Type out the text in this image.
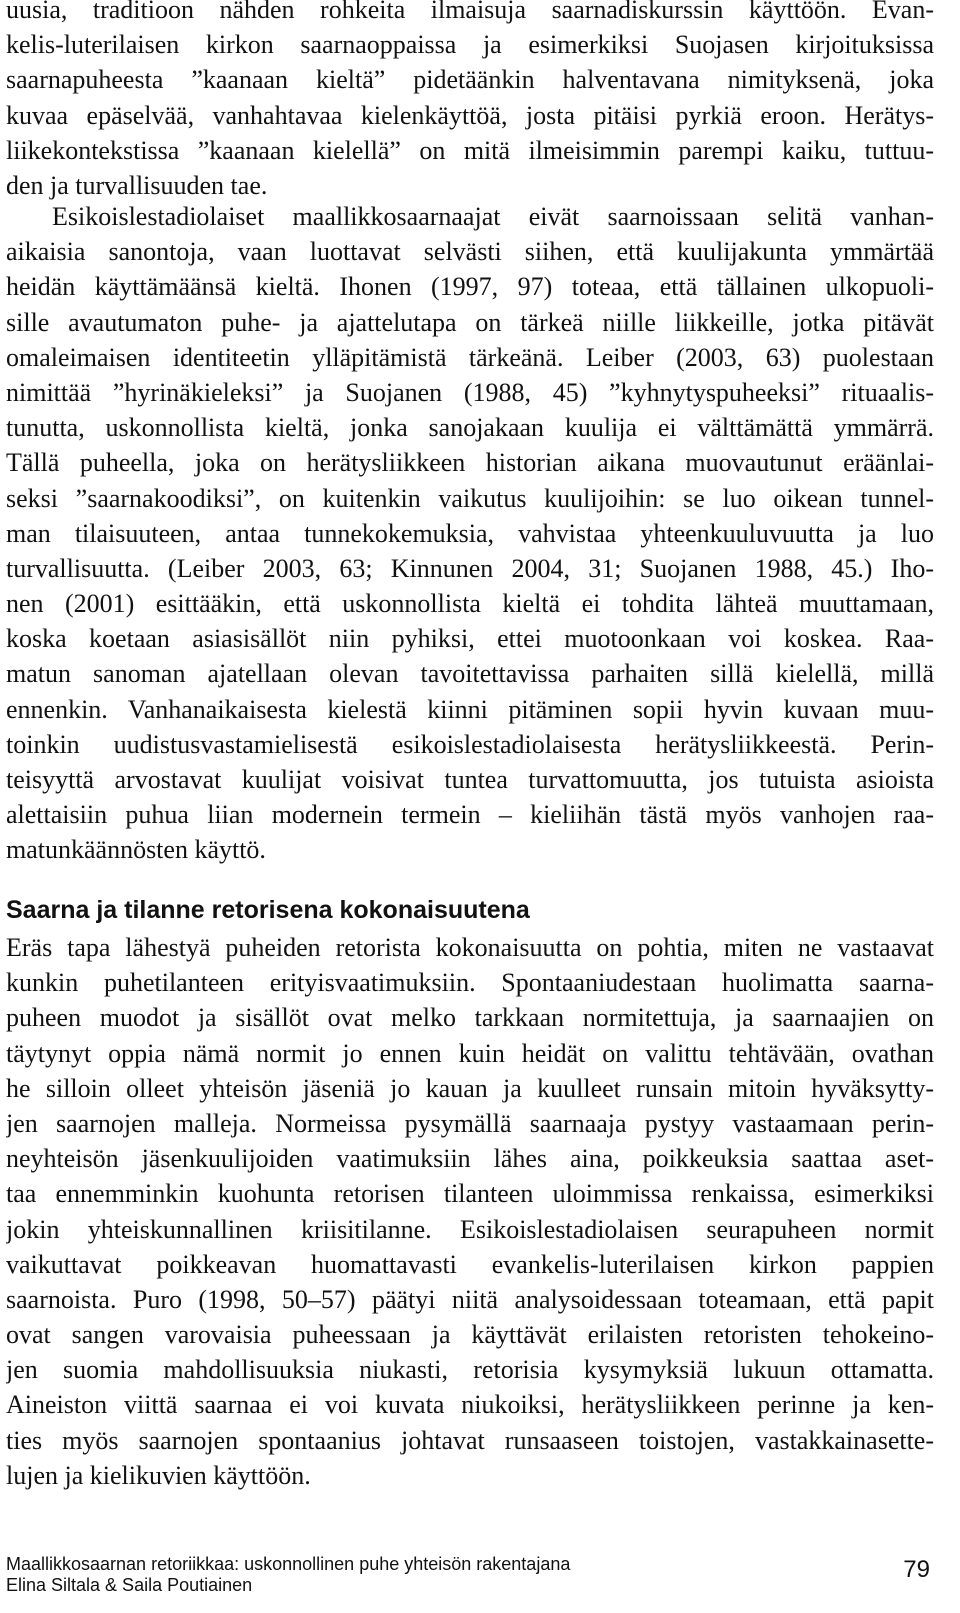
uusia, traditioon nähden rohkeita ilmaisuja saarnadiskurssin käyttöön. Evan-

kelis-luterilaisen kirkon saarnaoppaissa ja esimerkiksi Suojasen kirjoituksissa

saarnapuheesta ”kaanaan kieltä” pidetäänkin halventavana nimityksenä, joka

kuvaa epäselvää, vanhahtavaa kielenkäyttöä, josta pitäisi pyrkiä eroon. Herätys-

liikekontekstissa ”kaanaan kielellä” on mitä ilmeisimmin parempi kaiku, tuttuu-

den ja turvallisuuden tae.

Esikoislestadiolaiset maallikkosaarnaajat eivät saarnoissaan selitä vanhan-

aikaisia sanontoja, vaan luottavat selvästi siihen, että kuulijakunta ymmärtää

heidän käyttämäänsä kieltä. Ihonen (1997, 97) toteaa, että tällainen ulkopuoli-

sille avautumaton puhe- ja ajattelutapa on tärkeä niille liikkeille, jotka pitävät

omaleimaisen identiteetin ylläpitämistä tärkeänä. Leiber (2003, 63) puolestaan

nimittää ”hyrinäkieleksi” ja Suojanen (1988, 45) ”kyhnytyspuheeksi” rituaalis-

tunutta, uskonnollista kieltä, jonka sanojakaan kuulija ei välttämättä ymmärrä.

Tällä puheella, joka on herätysliikkeen historian aikana muovautunut eräänlai-

seksi ”saarnakoodiksi”, on kuitenkin vaikutus kuulijoihin: se luo oikean tunnel-

man tilaisuuteen, antaa tunnekokemuksia, vahvistaa yhteenkuuluvuutta ja luo

turvallisuutta. (Leiber 2003, 63; Kinnunen 2004, 31; Suojanen 1988, 45.) Iho-

nen (2001) esittääkin, että uskonnollista kieltä ei tohdita lähteä muuttamaan,

koska koetaan asiasisällöt niin pyhiksi, ettei muotoonkaan voi koskea. Raa-

matun sanoman ajatellaan olevan tavoitettavissa parhaiten sillä kielellä, millä

ennenkin. Vanhanaikaisesta kielestä kiinni pitäminen sopii hyvin kuvaan muu-

toinkin uudistusvastamielisestä esikoislestadiolaisesta herätysliikkeestä. Perin-

teisyyttä arvostavat kuulijat voisivat tuntea turvattomuutta, jos tutuista asioista

alettaisiin puhua liian modernein termein – kieliihän tästä myös vanhojen raa-

matunkäännösten käyttö.

Saarna ja tilanne retorisena kokonaisuutena

Eräs tapa lähestyä puheiden retorista kokonaisuutta on pohtia, miten ne vastaavat

kunkin puhetilanteen erityisvaatimuksiin. Spontaaniudestaan huolimatta saarna-

puheen muodot ja sisällöt ovat melko tarkkaan normitettuja, ja saarnaajien on

täytynyt oppia nämä normit jo ennen kuin heidät on valittu tehtävään, ovathan

he silloin olleet yhteisön jäseniä jo kauan ja kuulleet runsain mitoin hyväksytty-

jen saarnojen malleja. Normeissa pysymällä saarnaaja pystyy vastaamaan perin-

neyhteisön jäsenkuulijoiden vaatimuksiin lähes aina, poikkeuksia saattaa aset-

taa ennemminkin kuohunta retorisen tilanteen uloimmissa renkaissa, esimerkiksi

jokin yhteiskunnallinen kriisitilanne. Esikoislestadiolaisen seurapuheen normit

vaikuttavat poikkeavan huomattavasti evankelis-luterilaisen kirkon pappien

saarnoista. Puro (1998, 50–57) päätyi niitä analysoidessaan toteamaan, että papit

ovat sangen varovaisia puheessaan ja käyttävät erilaisten retoristen tehokeino-

jen suomia mahdollisuuksia niukasti, retorisia kysymyksiä lukuun ottamatta.

Aineiston viittä saarnaa ei voi kuvata niukoiksi, herätysliikkeen perinne ja ken-

ties myös saarnojen spontaanius johtavat runsaaseen toistojen, vastakkainasette-

lujen ja kielikuvien käyttöön.

Maallikkosaarnan retoriikkaa: uskonnollinen puhe yhteisön rakentajana
Elina Siltala & Saila Poutiainen
79
